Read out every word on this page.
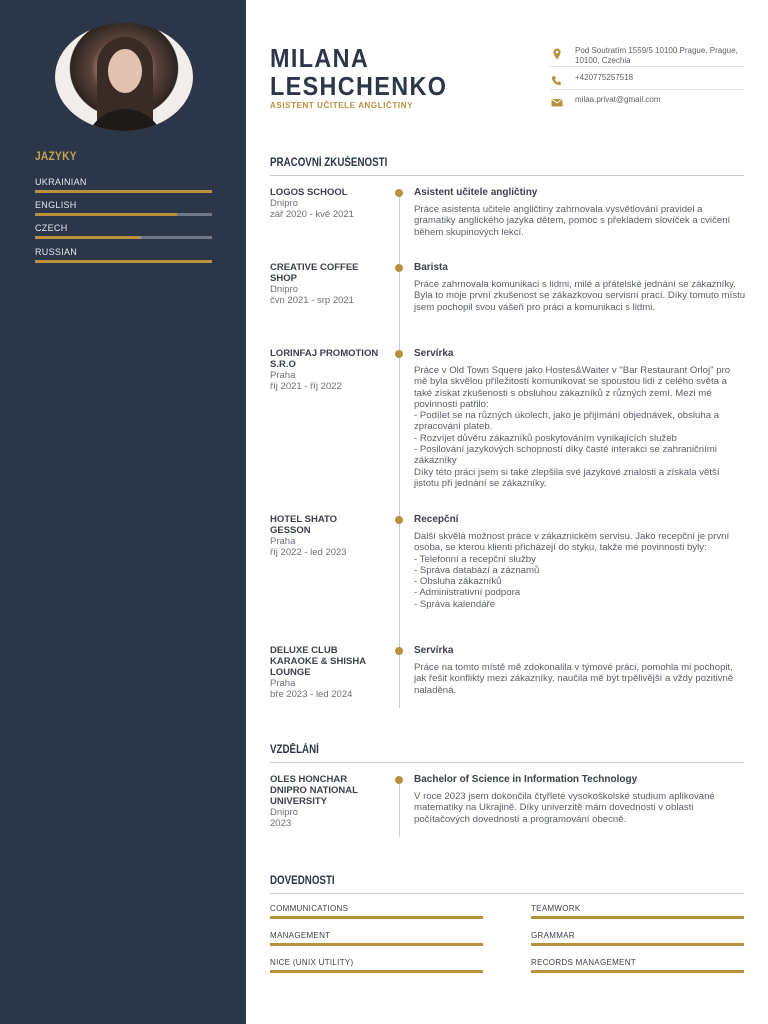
JAZYKY
UKRAINIAN
ENGLISH
CZECH
RUSSIAN
MILANA
LESHCHENKO
ASISTENT UČITELE ANGLIČTINY
Pod Soutratím 1559/5 10100 Prague, Prague, 10100, Czechia
+420775257518
milaa.privat@gmail.com
PRACOVNÍ ZKUŠENOSTI
LOGOS SCHOOL
Dnipro
zář 2020 - kvě 2021
Asistent učitele angličtiny
Práce asistenta učitele angličtiny zahrnovala vysvětlování pravidel a gramatiky anglického jazyka dětem, pomoc s překladem slovíček a cvičení během skupinových lekcí.
CREATIVE COFFEE SHOP
Dnipro
čvn 2021 - srp 2021
Barista
Práce zahrnovala komunikaci s lidmi, milé a přátelské jednání se zákazníky. Byla to moje první zkušenost se zákazkovou servisní prací. Díky tomuto místu jsem pochopil svou vášeň pro práci a komunikaci s lidmi.
LORINFAJ PROMOTION S.R.O
Praha
říj 2021 - říj 2022
Servírka
Práce v Old Town Squere jako Hostes&Waiter v "Bar Restaurant Orloj" pro mě byla skvělou příležitostí komunikovat se spoustou lidí z celého světa a také získat zkušenosti s obsluhou zákazníků z různých zemí. Mezi mé povinnosti patřilo:
- Podílet se na různých úkolech, jako je přijímání objednávek, obsluha a zpracování plateb.
- Rozvíjet důvěru zákazníků poskytováním vynikajících služeb
- Posilování jazykových schopností díky časté interakci se zahraničními zákazníky
Díky této práci jsem si také zlepšila své jazykové znalosti a získala větší jistotu při jednání se zákazníky.
HOTEL SHATO GESSON
Praha
říj 2022 - led 2023
Recepční
Další skvělá možnost práce v zákaznickém servisu. Jako recepční je první osoba, se kterou klienti přicházejí do styku, takže mé povinnosti byly:
- Telefonní a recepční služby
- Správa databází a záznamů
- Obsluha zákazníků
- Administrativní podpora
- Správa kalendáře
DELUXE CLUB KARAOKE & SHISHA LOUNGE
Praha
bře 2023 - led 2024
Servírka
Práce na tomto místě mě zdokonalila v týmové práci, pomohla mi pochopit, jak řešit konflikty mezi zákazníky, naučila mě být trpělivější a vždy pozitivně naladěná.
VZDĚLÁNÍ
OLES HONCHAR DNIPRO NATIONAL UNIVERSITY
Dnipro
2023
Bachelor of Science in Information Technology
V roce 2023 jsem dokončila čtyřleté vysokoškolské studium aplikované matematiky na Ukrajině. Díky univerzitě mám dovednosti v oblasti počítačových dovedností a programování obecně.
DOVEDNOSTI
COMMUNICATIONS	TEAMWORK
MANAGEMENT	GRAMMAR
NICE (UNIX UTILITY)	RECORDS MANAGEMENT
